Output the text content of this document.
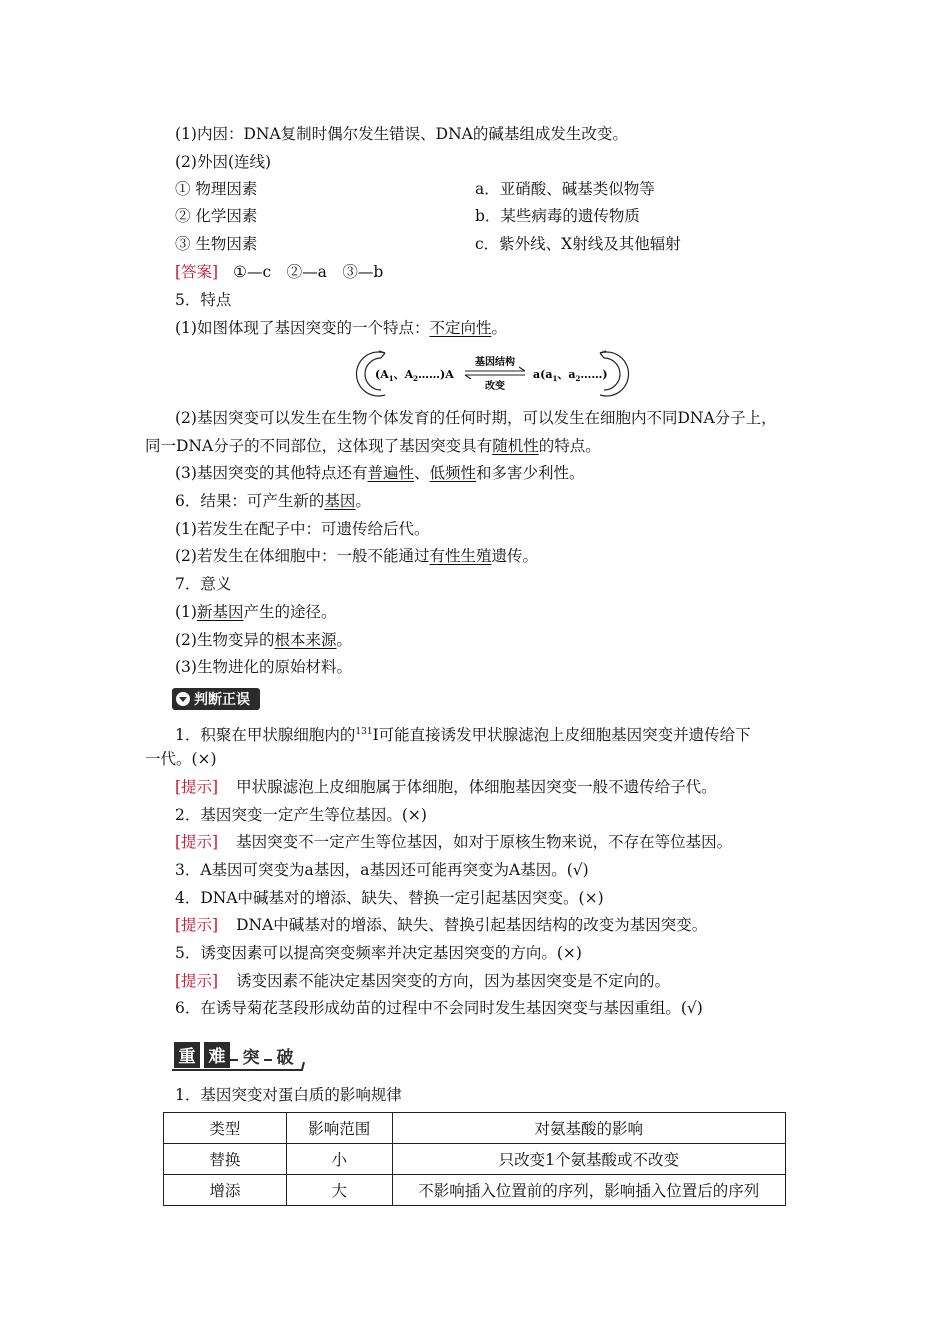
(1)内因：DNA复制时偶尔发生错误、DNA的碱基组成发生改变。
(2)外因(连线)
① 物理因素	a．亚硝酸、碱基类似物等
② 化学因素	b．某些病毒的遗传物质
③ 生物因素	c．紫外线、X射线及其他辐射
[答案] ①—c　②—a　③—b
5．特点
(1)如图体现了基因突变的一个特点：不定向性。
($A_1$、$A_2\dots\dots)A$
基因结构
改变
$a(a_1$、$a_2\dots\dots$)
(2)基因突变可以发生在生物个体发育的任何时期，可以发生在细胞内不同DNA分子上，
同一DNA分子的不同部位，这体现了基因突变具有随机性的特点。
(3)基因突变的其他特点还有普遍性、低频性和多害少利性。
6．结果：可产生新的基因。
(1)若发生在配子中：可遗传给后代。
(2)若发生在体细胞中：一般不能通过有性生殖遗传。
7．意义
(1)新基因产生的途径。
(2)生物变异的根本来源。
(3)生物进化的原始材料。
判断正误
1．积聚在甲状腺细胞内的$^{131}$I可能直接诱发甲状腺滤泡上皮细胞基因突变并遗传给下
一代。(×)
[提示] 甲状腺滤泡上皮细胞属于体细胞，体细胞基因突变一般不遗传给子代。
2．基因突变一定产生等位基因。(×)
[提示] 基因突变不一定产生等位基因，如对于原核生物来说，不存在等位基因。
3．A基因可突变为a基因，a基因还可能再突变为A基因。(√)
4．DNA中碱基对的增添、缺失、替换一定引起基因突变。(×)
[提示] DNA中碱基对的增添、缺失、替换引起基因结构的改变为基因突变。
5．诱变因素可以提高突变频率并决定基因突变的方向。(×)
[提示] 诱变因素不能决定基因突变的方向，因为基因突变是不定向的。
6．在诱导菊花茎段形成幼苗的过程中不会同时发生基因突变与基因重组。(√)
重 难 突 破
1．基因突变对蛋白质的影响规律
类型	影响范围	对氨基酸的影响
替换	小	只改变1个氨基酸或不改变
增添	大	不影响插入位置前的序列，影响插入位置后的序列
